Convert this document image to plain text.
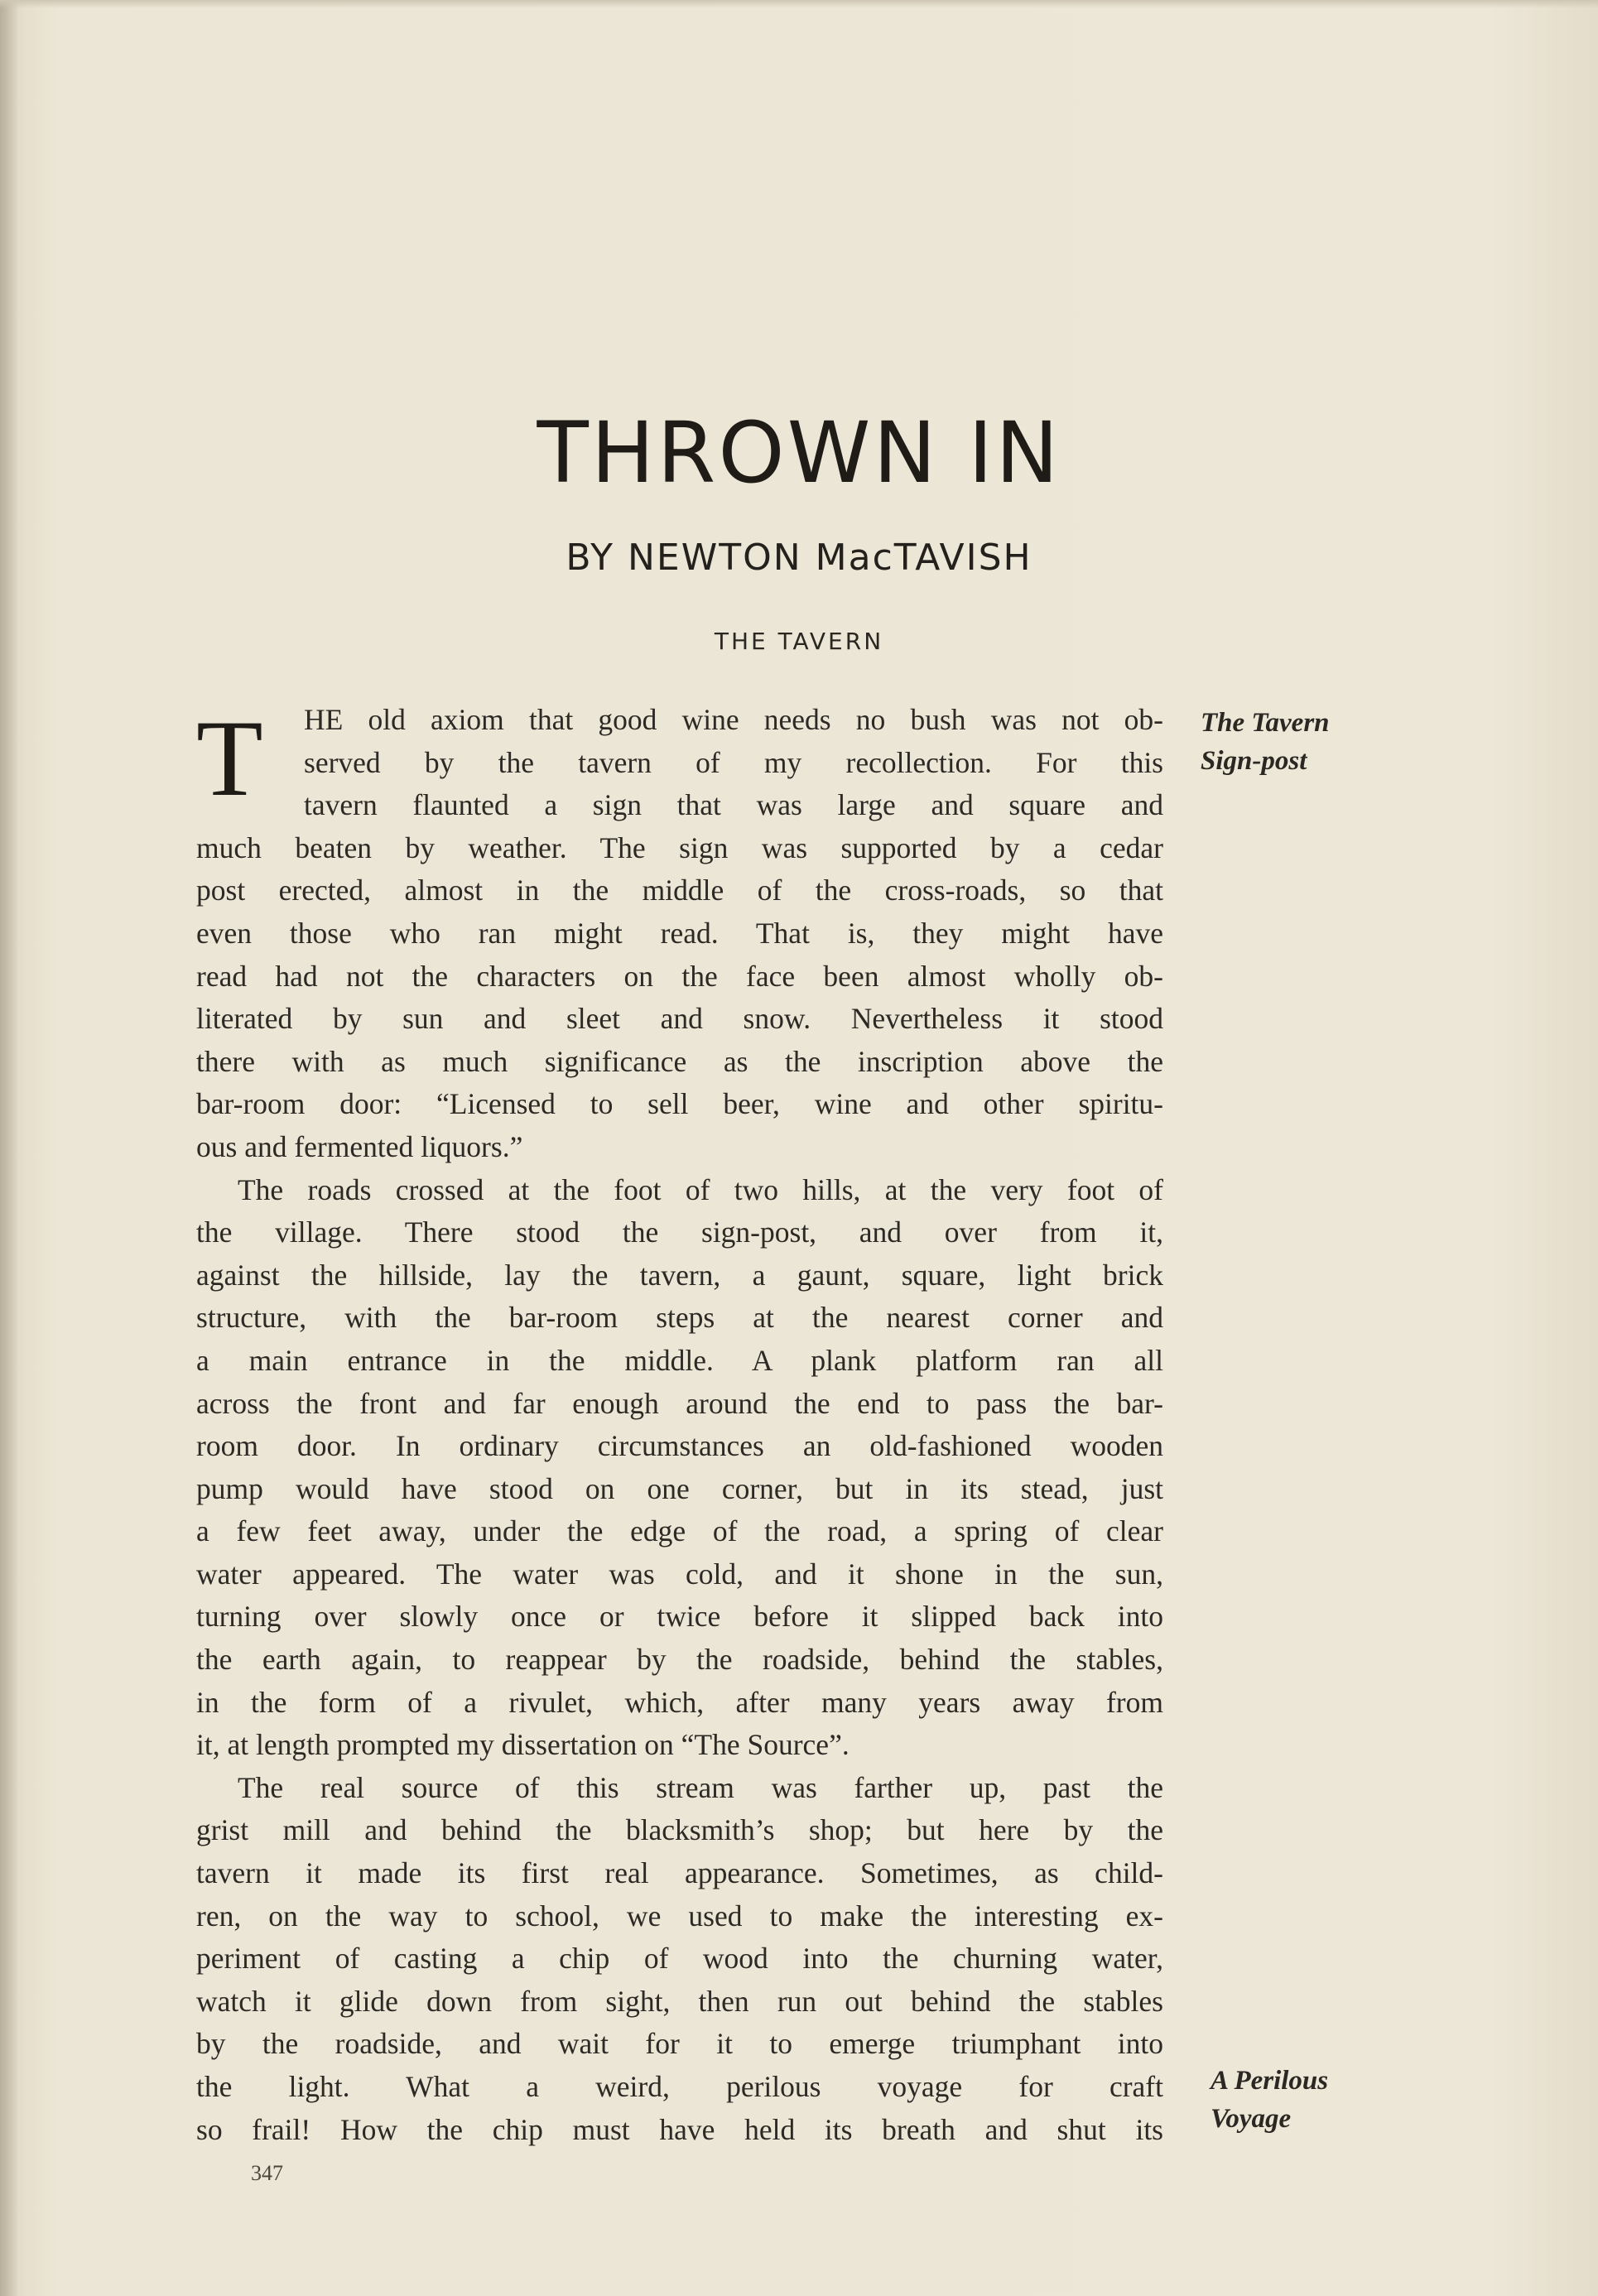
THROWN IN
BY NEWTON MacTAVISH
THE TAVERN
T	HE old axiom that good wine needs no bush was not ob-
served by the tavern of my recollection. For this
tavern flaunted a sign that was large and square and
much beaten by weather. The sign was supported by a cedar
post erected, almost in the middle of the cross-roads, so that
even those who ran might read. That is, they might have
read had not the characters on the face been almost wholly ob-
literated by sun and sleet and snow. Nevertheless it stood
there with as much significance as the inscription above the
bar-room door: “Licensed to sell beer, wine and other spiritu-
ous and fermented liquors.”
The roads crossed at the foot of two hills, at the very foot of
the village. There stood the sign-post, and over from it,
against the hillside, lay the tavern, a gaunt, square, light brick
structure, with the bar-room steps at the nearest corner and
a main entrance in the middle. A plank platform ran all
across the front and far enough around the end to pass the bar-
room door. In ordinary circumstances an old-fashioned wooden
pump would have stood on one corner, but in its stead, just
a few feet away, under the edge of the road, a spring of clear
water appeared. The water was cold, and it shone in the sun,
turning over slowly once or twice before it slipped back into
the earth again, to reappear by the roadside, behind the stables,
in the form of a rivulet, which, after many years away from
it, at length prompted my dissertation on “The Source”.
The real source of this stream was farther up, past the
grist mill and behind the blacksmith’s shop; but here by the
tavern it made its first real appearance. Sometimes, as child-
ren, on the way to school, we used to make the interesting ex-
periment of casting a chip of wood into the churning water,
watch it glide down from sight, then run out behind the stables
by the roadside, and wait for it to emerge triumphant into
the light. What a weird, perilous voyage for craft
so frail! How the chip must have held its breath and shut its
The Tavern
Sign-post
A Perilous
Voyage
347
